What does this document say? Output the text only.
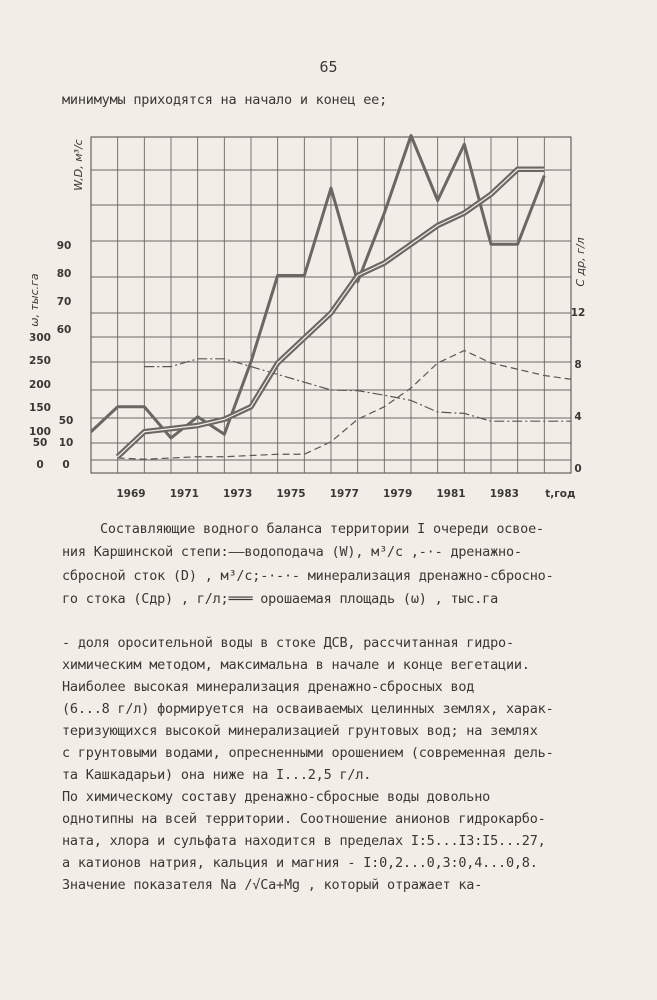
65
минимумы приходятся на начало и конец ее;
90
80
70
60
300
250
200
150
100
50
0
50
10
0
12
8
4
0
1969 1971 1973 1975 1977 1979 1981 1983	t,год
W,D, м³/с
ω, тыс.га
C др, г/л
Составляющие водного баланса территории I очереди освое-
ния Каршинской степи:——водоподача (W), м³/с ,-·- дренажно-
сбросной сток (D) , м³/с;-·-·- минерализация дренажно-сбросно-
го стока (Cдр) , г/л;═══ орошаемая площадь (ω) , тыс.га
- доля оросительной воды в стоке ДСВ, рассчитанная гидро-
химическим методом, максимальна в начале и конце вегетации.
Наиболее высокая минерализация дренажно-сбросных вод
(6...8 г/л) формируется на осваиваемых целинных землях, харак-
теризующихся высокой минерализацией грунтовых вод; на землях
с грунтовыми водами, опресненными орошением (современная дель-
та Кашкадарьи) она ниже на I...2,5 г/л.
По химическому составу дренажно-сбросные воды довольно
однотипны на всей территории. Соотношение анионов гидрокарбо-
ната, хлора и сульфата находится в пределах I:5...I3:I5...27,
а катионов натрия, кальция и магния - I:0,2...0,3:0,4...0,8.
Значение показателя Na /√Ca+Mg , который отражает ка-
